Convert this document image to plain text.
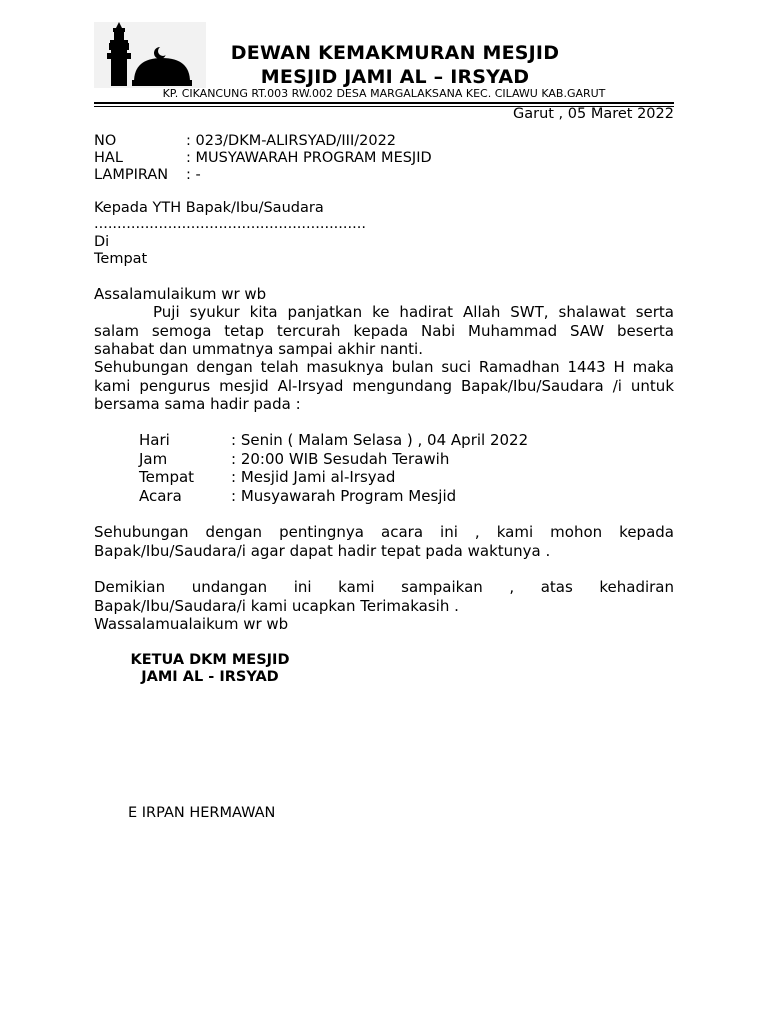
DEWAN KEMAKMURAN MESJID
MESJID JAMI AL – IRSYAD
KP. CIKANCUNG RT.003 RW.002 DESA MARGALAKSANA KEC. CILAWU KAB.GARUT
Garut , 05 Maret 2022
NO	: 023/DKM-ALIRSYAD/III/2022
HAL	: MUSYAWARAH PROGRAM MESJID
LAMPIRAN	: -
Kepada YTH Bapak/Ibu/Saudara
...........................................................
Di
Tempat
Assalamulaikum wr wb
Puji syukur kita panjatkan ke hadirat Allah SWT, shalawat serta salam semoga tetap tercurah kepada Nabi Muhammad SAW beserta sahabat dan ummatnya sampai akhir nanti.
Sehubungan dengan telah masuknya bulan suci Ramadhan 1443 H maka kami pengurus mesjid Al-Irsyad mengundang Bapak/Ibu/Saudara /i untuk bersama sama hadir pada :
Hari	: Senin ( Malam Selasa ) , 04 April 2022
Jam	: 20:00 WIB Sesudah Terawih
Tempat	: Mesjid Jami al-Irsyad
Acara	: Musyawarah Program Mesjid
Sehubungan dengan pentingnya acara ini , kami mohon kepada Bapak/Ibu/Saudara/i agar dapat hadir tepat pada waktunya .
Demikian undangan ini kami sampaikan , atas kehadiran Bapak/Ibu/Saudara/i kami ucapkan Terimakasih .
Wassalamualaikum wr wb
KETUA DKM MESJID JAMI AL - IRSYAD
E IRPAN HERMAWAN
